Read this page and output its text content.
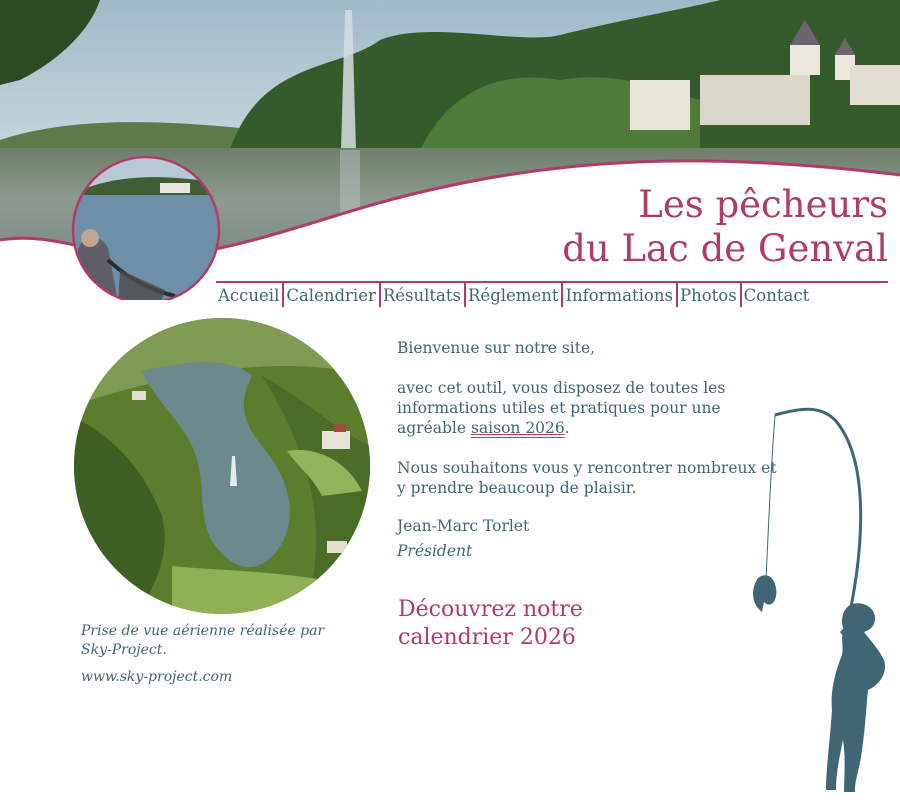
Les pêcheurs
du Lac de Genval
Accueil Calendrier Résultats Réglement Informations Photos Contact
Prise de vue aérienne réalisée par
Sky-Project.
www.sky-project.com

Bienvenue sur notre site,

avec cet outil, vous disposez de toutes les informations utiles et pratiques pour une agréable saison 2026.

Nous souhaitons vous y rencontrer nombreux et y prendre beaucoup de plaisir.

Jean-Marc Torlet
Président
Découvrez notre
calendrier 2026
